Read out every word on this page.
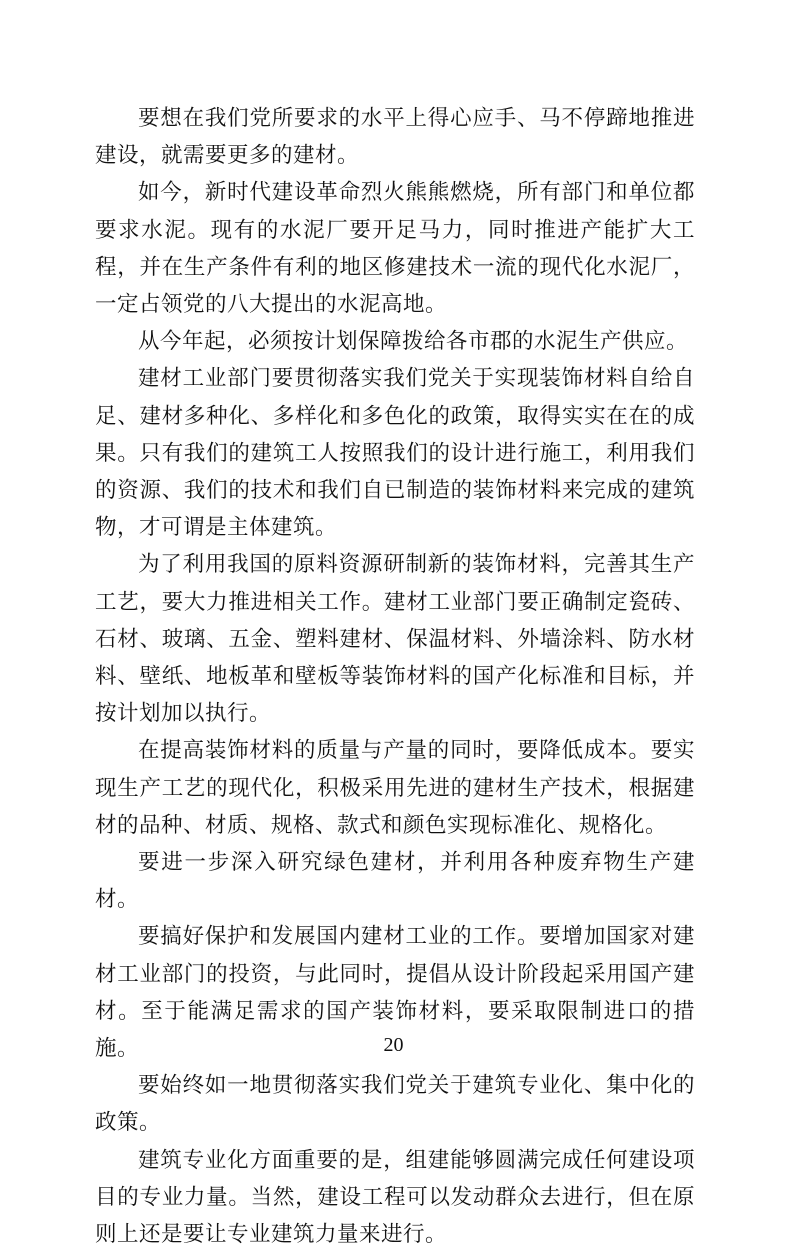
要想在我们党所要求的水平上得心应手、马不停蹄地推进建设，就需要更多的建材。

如今，新时代建设革命烈火熊熊燃烧，所有部门和单位都要求水泥。现有的水泥厂要开足马力，同时推进产能扩大工程，并在生产条件有利的地区修建技术一流的现代化水泥厂，一定占领党的八大提出的水泥高地。

从今年起，必须按计划保障拨给各市郡的水泥生产供应。

建材工业部门要贯彻落实我们党关于实现装饰材料自给自足、建材多种化、多样化和多色化的政策，取得实实在在的成果。只有我们的建筑工人按照我们的设计进行施工，利用我们的资源、我们的技术和我们自已制造的装饰材料来完成的建筑物，才可谓是主体建筑。

为了利用我国的原料资源研制新的装饰材料，完善其生产工艺，要大力推进相关工作。建材工业部门要正确制定瓷砖、石材、玻璃、五金、塑料建材、保温材料、外墙涂料、防水材料、壁纸、地板革和壁板等装饰材料的国产化标准和目标，并按计划加以执行。

在提高装饰材料的质量与产量的同时，要降低成本。要实现生产工艺的现代化，积极采用先进的建材生产技术，根据建材的品种、材质、规格、款式和颜色实现标准化、规格化。

要进一步深入研究绿色建材，并利用各种废弃物生产建材。

要搞好保护和发展国内建材工业的工作。要增加国家对建材工业部门的投资，与此同时，提倡从设计阶段起采用国产建材。至于能满足需求的国产装饰材料，要采取限制进口的措施。

要始终如一地贯彻落实我们党关于建筑专业化、集中化的政策。

建筑专业化方面重要的是，组建能够圆满完成任何建设项目的专业力量。当然，建设工程可以发动群众去进行，但在原则上还是要让专业建筑力量来进行。

20
